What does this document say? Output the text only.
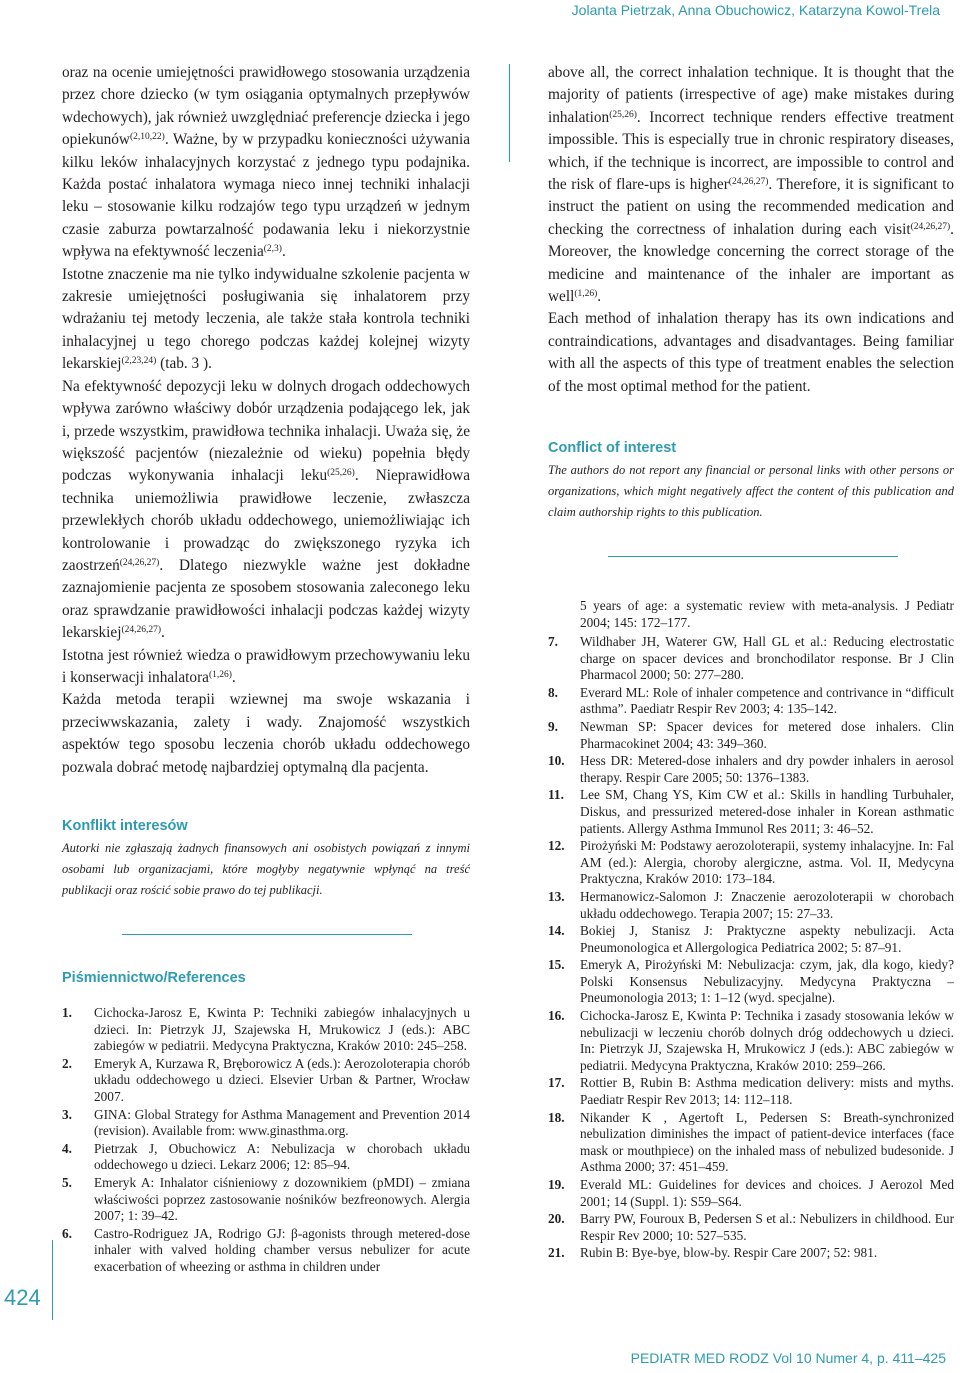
Jolanta Pietrzak, Anna Obuchowicz, Katarzyna Kowol-Trela

oraz na ocenie umiejętności prawidłowego stosowania urządzenia przez chore dziecko (w tym osiągania optymalnych przepływów wdechowych), jak również uwzględniać preferencje dziecka i jego opiekunów$^{(2,10,22)}$. Ważne, by w przypadku konieczności używania kilku leków inhalacyjnych korzystać z jednego typu podajnika. Każda postać inhalatora wymaga nieco innej techniki inhalacji leku – stosowanie kilku rodzajów tego typu urządzeń w jednym czasie zaburza powtarzalność podawania leku i niekorzystnie wpływa na efektywność leczenia$^{(2,3)}$.

Istotne znaczenie ma nie tylko indywidualne szkolenie pacjenta w zakresie umiejętności posługiwania się inhalatorem przy wdrażaniu tej metody leczenia, ale także stała kontrola techniki inhalacyjnej u tego chorego podczas każdej kolejnej wizyty lekarskiej$^{(2,23,24)}$ (tab. 3 ).

Na efektywność depozycji leku w dolnych drogach oddechowych wpływa zarówno właściwy dobór urządzenia podającego lek, jak i, przede wszystkim, prawidłowa technika inhalacji. Uważa się, że większość pacjentów (niezależnie od wieku) popełnia błędy podczas wykonywania inhalacji leku$^{(25,26)}$. Nieprawidłowa technika uniemożliwia prawidłowe leczenie, zwłaszcza przewlekłych chorób układu oddechowego, uniemożliwiając ich kontrolowanie i prowadząc do zwiększonego ryzyka ich zaostrzeń$^{(24,26,27)}$. Dlatego niezwykle ważne jest dokładne zaznajomienie pacjenta ze sposobem stosowania zaleconego leku oraz sprawdzanie prawidłowości inhalacji podczas każdej wizyty lekarskiej$^{(24,26,27)}$.

Istotna jest również wiedza o prawidłowym przechowywaniu leku i konserwacji inhalatora$^{(1,26)}$.

Każda metoda terapii wziewnej ma swoje wskazania i przeciwwskazania, zalety i wady. Znajomość wszystkich aspektów tego sposobu leczenia chorób układu oddechowego pozwala dobrać metodę najbardziej optymalną dla pacjenta.

Konflikt interesów

Autorki nie zgłaszają żadnych finansowych ani osobistych powiązań z innymi osobami lub organizacjami, które mogłyby negatywnie wpłynąć na treść publikacji oraz rościć sobie prawo do tej publikacji.

Piśmiennictwo/References

1. Cichocka-Jarosz E, Kwinta P: Techniki zabiegów inhalacyjnych u dzieci. In: Pietrzyk JJ, Szajewska H, Mrukowicz J (eds.): ABC zabiegów w pediatrii. Medycyna Praktyczna, Kraków 2010: 245–258.
2. Emeryk A, Kurzawa R, Bręborowicz A (eds.): Aerozoloterapia chorób układu oddechowego u dzieci. Elsevier Urban & Partner, Wrocław 2007.
3. GINA: Global Strategy for Asthma Management and Prevention 2014 (revision). Available from: www.ginasthma.org.
4. Pietrzak J, Obuchowicz A: Nebulizacja w chorobach układu oddechowego u dzieci. Lekarz 2006; 12: 85–94.
5. Emeryk A: Inhalator ciśnieniowy z dozownikiem (pMDI) – zmiana właściwości poprzez zastosowanie nośników bezfreonowych. Alergia 2007; 1: 39–42.
6. Castro-Rodriguez JA, Rodrigo GJ: β-agonists through metered-dose inhaler with valved holding chamber versus nebulizer for acute exacerbation of wheezing or asthma in children under

above all, the correct inhalation technique. It is thought that the majority of patients (irrespective of age) make mistakes during inhalation$^{(25,26)}$. Incorrect technique renders effective treatment impossible. This is especially true in chronic respiratory diseases, which, if the technique is incorrect, are impossible to control and the risk of flare-ups is higher$^{(24,26,27)}$. Therefore, it is significant to instruct the patient on using the recommended medication and checking the correctness of inhalation during each visit$^{(24,26,27)}$. Moreover, the knowledge concerning the correct storage of the medicine and maintenance of the inhaler are important as well$^{(1,26)}$.

Each method of inhalation therapy has its own indications and contraindications, advantages and disadvantages. Being familiar with all the aspects of this type of treatment enables the selection of the most optimal method for the patient.

Conflict of interest

The authors do not report any financial or personal links with other persons or organizations, which might negatively affect the content of this publication and claim authorship rights to this publication.

5 years of age: a systematic review with meta-analysis. J Pediatr 2004; 145: 172–177.

7. Wildhaber JH, Waterer GW, Hall GL et al.: Reducing electrostatic charge on spacer devices and bronchodilator response. Br J Clin Pharmacol 2000; 50: 277–280.
8. Everard ML: Role of inhaler competence and contrivance in “difficult asthma”. Paediatr Respir Rev 2003; 4: 135–142.
9. Newman SP: Spacer devices for metered dose inhalers. Clin Pharmacokinet 2004; 43: 349–360.
10. Hess DR: Metered-dose inhalers and dry powder inhalers in aerosol therapy. Respir Care 2005; 50: 1376–1383.
11. Lee SM, Chang YS, Kim CW et al.: Skills in handling Turbuhaler, Diskus, and pressurized metered-dose inhaler in Korean asthmatic patients. Allergy Asthma Immunol Res 2011; 3: 46–52.
12. Pirożyński M: Podstawy aerozoloterapii, systemy inhalacyjne. In: Fal AM (ed.): Alergia, choroby alergiczne, astma. Vol. II, Medycyna Praktyczna, Kraków 2010: 173–184.
13. Hermanowicz-Salomon J: Znaczenie aerozoloterapii w chorobach układu oddechowego. Terapia 2007; 15: 27–33.
14. Bokiej J, Stanisz J: Praktyczne aspekty nebulizacji. Acta Pneumonologica et Allergologica Pediatrica 2002; 5: 87–91.
15. Emeryk A, Pirożyński M: Nebulizacja: czym, jak, dla kogo, kiedy? Polski Konsensus Nebulizacyjny. Medycyna Praktyczna – Pneumonologia 2013; 1: 1–12 (wyd. specjalne).
16. Cichocka-Jarosz E, Kwinta P: Technika i zasady stosowania leków w nebulizacji w leczeniu chorób dolnych dróg oddechowych u dzieci. In: Pietrzyk JJ, Szajewska H, Mrukowicz J (eds.): ABC zabiegów w pediatrii. Medycyna Praktyczna, Kraków 2010: 259–266.
17. Rottier B, Rubin B: Asthma medication delivery: mists and myths. Paediatr Respir Rev 2013; 14: 112–118.
18. Nikander K , Agertoft L, Pedersen S: Breath-synchronized nebulization diminishes the impact of patient-device interfaces (face mask or mouthpiece) on the inhaled mass of nebulized budesonide. J Asthma 2000; 37: 451–459.
19. Everald ML: Guidelines for devices and choices. J Aerozol Med 2001; 14 (Suppl. 1): S59–S64.
20. Barry PW, Fouroux B, Pedersen S et al.: Nebulizers in childhood. Eur Respir Rev 2000; 10: 527–535.
21. Rubin B: Bye-bye, blow-by. Respir Care 2007; 52: 981.
424
PEDIATR MED RODZ Vol 10 Numer 4, p. 411–425
